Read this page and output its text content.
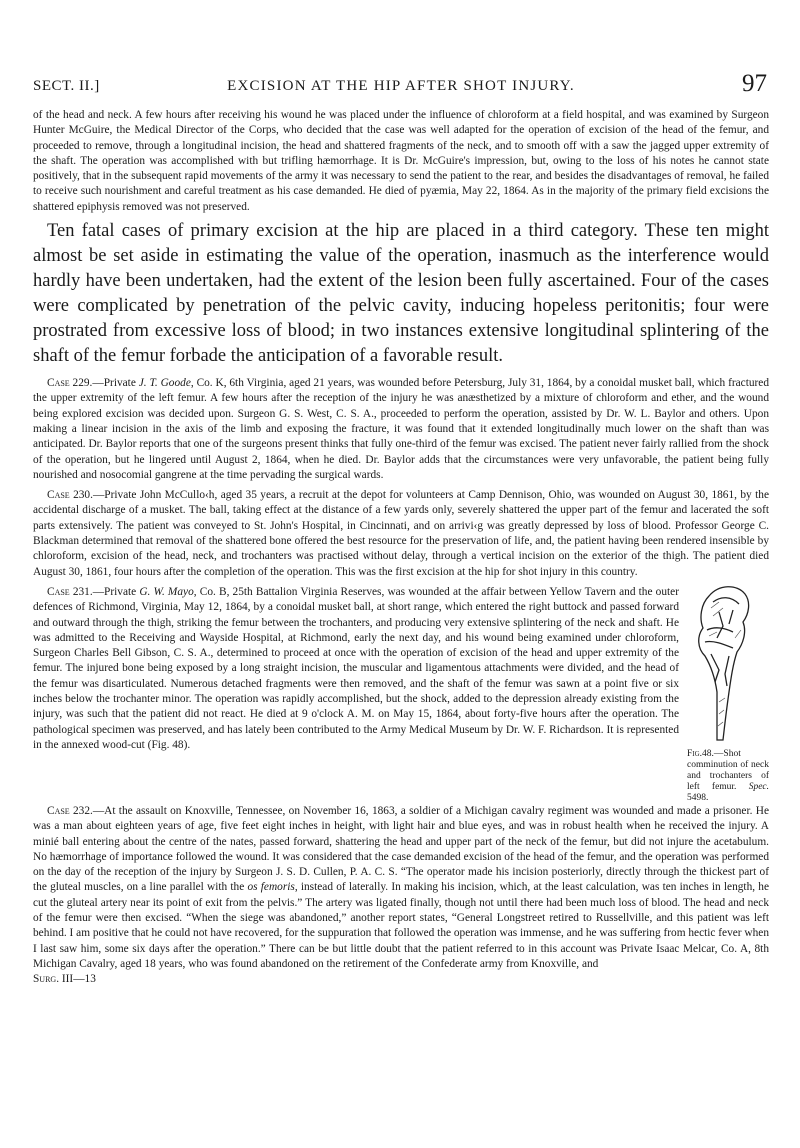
SECT. II.]	EXCISION AT THE HIP AFTER SHOT INJURY.	97

of the head and neck. A few hours after receiving his wound he was placed under the influence of chloroform at a field hospital, and was examined by Surgeon Hunter McGuire, the Medical Director of the Corps, who decided that the case was well adapted for the operation of excision of the head of the femur, and proceeded to remove, through a longitudinal incision, the head and shattered fragments of the neck, and to smooth off with a saw the jagged upper extremity of the shaft. The operation was accomplished with but trifling hæmorrhage. It is Dr. McGuire's impression, but, owing to the loss of his notes he cannot state positively, that in the subsequent rapid movements of the army it was necessary to send the patient to the rear, and besides the disadvantages of removal, he failed to receive such nourishment and careful treatment as his case demanded. He died of pyæmia, May 22, 1864. As in the majority of the primary field excisions the shattered epiphysis removed was not preserved.

Ten fatal cases of primary excision at the hip are placed in a third category. These ten might almost be set aside in estimating the value of the operation, inasmuch as the interference would hardly have been undertaken, had the extent of the lesion been fully ascertained. Four of the cases were complicated by penetration of the pelvic cavity, inducing hopeless peritonitis; four were prostrated from excessive loss of blood; in two instances extensive longitudinal splintering of the shaft of the femur forbade the anticipation of a favorable result.

Case 229.—Private J. T. Goode, Co. K, 6th Virginia, aged 21 years, was wounded before Petersburg, July 31, 1864, by a conoidal musket ball, which fractured the upper extremity of the left femur. A few hours after the reception of the injury he was anæsthetized by a mixture of chloroform and ether, and the wound being explored excision was decided upon. Surgeon G. S. West, C. S. A., proceeded to perform the operation, assisted by Dr. W. L. Baylor and others. Upon making a linear incision in the axis of the limb and exposing the fracture, it was found that it extended longitudinally much lower on the shaft than was anticipated. Dr. Baylor reports that one of the surgeons present thinks that fully one-third of the femur was excised. The patient never fairly rallied from the shock of the operation, but he lingered until August 2, 1864, when he died. Dr. Baylor adds that the circumstances were very unfavorable, the patient being fully nourished and nosocomial gangrene at the time pervading the surgical wards.

Case 230.—Private John McCullo‹h, aged 35 years, a recruit at the depot for volunteers at Camp Dennison, Ohio, was wounded on August 30, 1861, by the accidental discharge of a musket. The ball, taking effect at the distance of a few yards only, severely shattered the upper part of the femur and lacerated the soft parts extensively. The patient was conveyed to St. John's Hospital, in Cincinnati, and on arrivi‹g was greatly depressed by loss of blood. Professor George C. Blackman determined that removal of the shattered bone offered the best resource for the preservation of life, and, the patient having been rendered insensible by chloroform, excision of the head, neck, and trochanters was practised without delay, through a vertical incision on the exterior of the thigh. The patient died August 30, 1861, four hours after the completion of the operation. This was the first excision at the hip for shot injury in this country.

Fig.48.—Shot comminution of neck and trochanters of left femur. Spec. 5498.

Case 231.—Private G. W. Mayo, Co. B, 25th Battalion Virginia Reserves, was wounded at the affair between Yellow Tavern and the outer defences of Richmond, Virginia, May 12, 1864, by a conoidal musket ball, at short range, which entered the right buttock and passed forward and outward through the thigh, striking the femur between the trochanters, and producing very extensive splintering of the neck and shaft. He was admitted to the Receiving and Wayside Hospital, at Richmond, early the next day, and his wound being examined under chloroform, Surgeon Charles Bell Gibson, C. S. A., determined to proceed at once with the operation of excision of the head and upper extremity of the femur. The injured bone being exposed by a long straight incision, the muscular and ligamentous attachments were divided, and the head of the femur was disarticulated. Numerous detached fragments were then removed, and the shaft of the femur was sawn at a point five or six inches below the trochanter minor. The operation was rapidly accomplished, but the shock, added to the depression already existing from the injury, was such that the patient did not react. He died at 9 o'clock A. M. on May 15, 1864, about forty-five hours after the operation. The pathological specimen was preserved, and has lately been contributed to the Army Medical Museum by Dr. W. F. Richardson. It is represented in the annexed wood-cut (Fig. 48).

Case 232.—At the assault on Knoxville, Tennessee, on November 16, 1863, a soldier of a Michigan cavalry regiment was wounded and made a prisoner. He was a man about eighteen years of age, five feet eight inches in height, with light hair and blue eyes, and was in robust health when he received the injury. A minié ball entering about the centre of the nates, passed forward, shattering the head and upper part of the neck of the femur, but did not injure the acetabulum. No hæmorrhage of importance followed the wound. It was considered that the case demanded excision of the head of the femur, and the operation was performed on the day of the reception of the injury by Surgeon J. S. D. Cullen, P. A. C. S. “The operator made his incision posteriorly, directly through the thickest part of the gluteal muscles, on a line parallel with the os femoris, instead of laterally. In making his incision, which, at the least calculation, was ten inches in length, he cut the gluteal artery near its point of exit from the pelvis.” The artery was ligated finally, though not until there had been much loss of blood. The head and neck of the femur were then excised. “When the siege was abandoned,” another report states, “General Longstreet retired to Russellville, and this patient was left behind. I am positive that he could not have recovered, for the suppuration that followed the operation was immense, and he was suffering from hectic fever when I last saw him, some six days after the operation.” There can be but little doubt that the patient referred to in this account was Private Isaac Melcar, Co. A, 8th Michigan Cavalry, aged 18 years, who was found abandoned on the retirement of the Confederate army from Knoxville, and

Surg. III—13
